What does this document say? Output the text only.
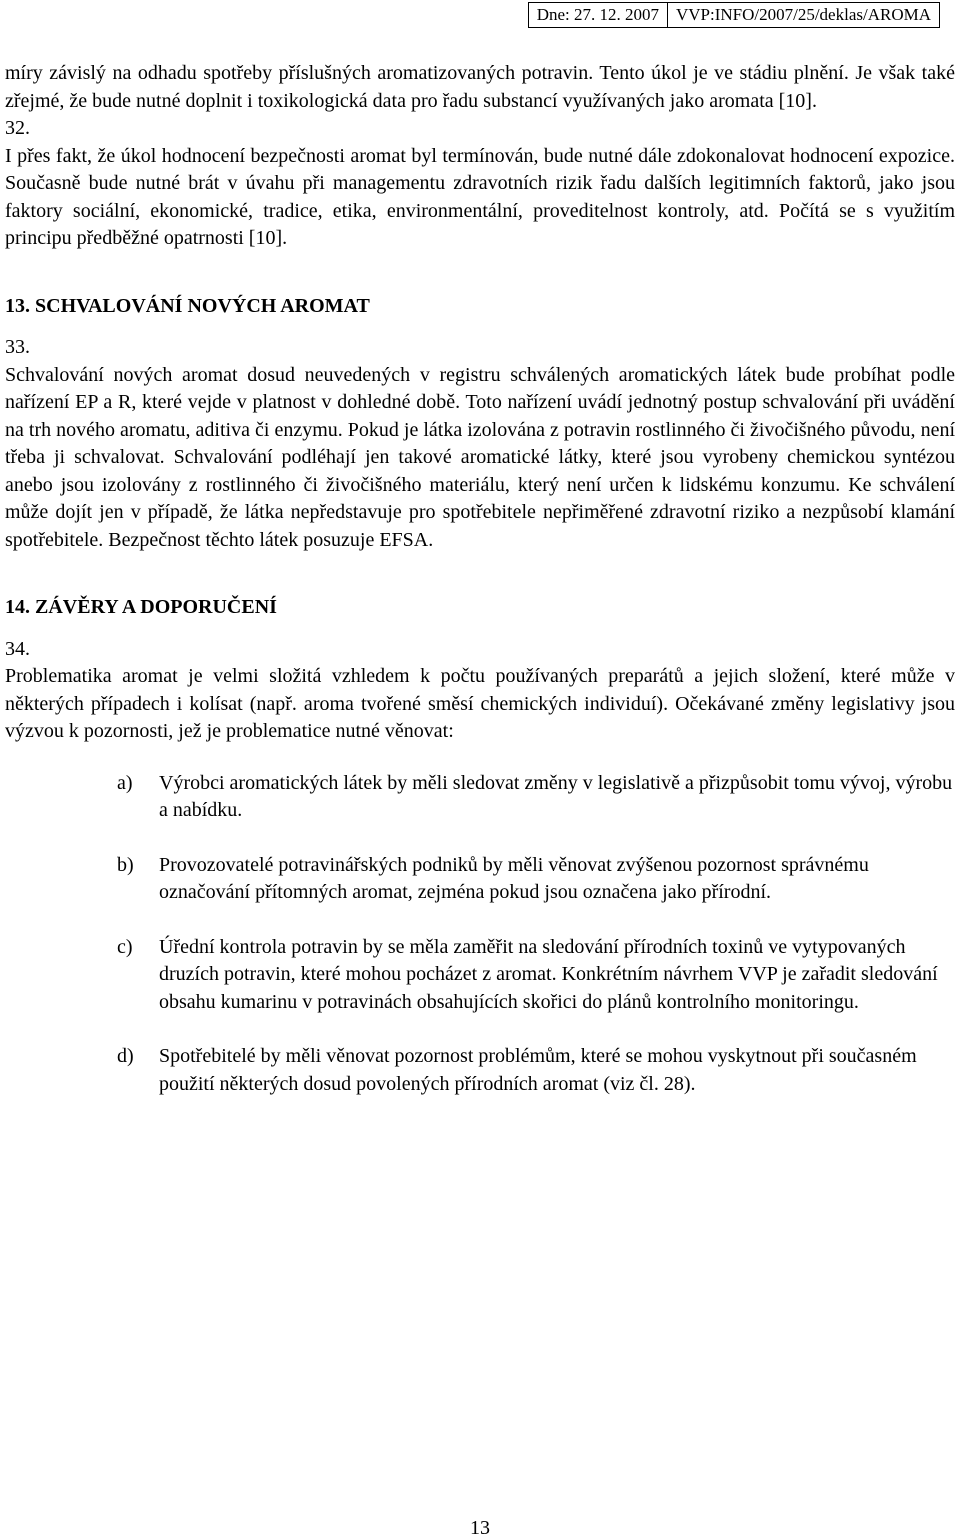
Dne: 27. 12. 2007	VVP:INFO/2007/25/deklas/AROMA

míry závislý na odhadu spotřeby příslušných aromatizovaných potravin. Tento úkol je ve stádiu plnění. Je však také zřejmé, že bude nutné doplnit i toxikologická data pro řadu substancí využívaných jako aromata [10].

32.

I přes fakt, že úkol hodnocení bezpečnosti aromat byl termínován, bude nutné dále zdokonalovat hodnocení expozice. Současně bude nutné brát v úvahu při managementu zdravotních rizik řadu dalších legitimních faktorů, jako jsou faktory sociální, ekonomické, tradice, etika, environmentální, proveditelnost kontroly, atd. Počítá se s využitím principu předběžné opatrnosti [10].

13. SCHVALOVÁNÍ NOVÝCH AROMAT

33.

Schvalování nových aromat dosud neuvedených v registru schválených aromatických látek bude probíhat podle nařízení EP a R, které vejde v platnost v dohledné době. Toto nařízení uvádí jednotný postup schvalování při uvádění na trh nového aromatu, aditiva či enzymu. Pokud je látka izolována z potravin rostlinného či živočišného původu, není třeba ji schvalovat. Schvalování podléhají jen takové aromatické látky, které jsou vyrobeny chemickou syntézou anebo jsou izolovány z rostlinného či živočišného materiálu, který není určen k lidskému konzumu. Ke schválení může dojít jen v případě, že látka nepředstavuje pro spotřebitele nepřiměřené zdravotní riziko a nezpůsobí klamání spotřebitele. Bezpečnost těchto látek posuzuje EFSA.

14. ZÁVĚRY A DOPORUČENÍ

34.

Problematika aromat je velmi složitá vzhledem k počtu používaných preparátů a jejich složení, které může v některých případech i kolísat (např. aroma tvořené směsí chemických individuí). Očekávané změny legislativy jsou výzvou k pozornosti, jež je problematice nutné věnovat:

a)	Výrobci aromatických látek by měli sledovat změny v legislativě a přizpůsobit tomu vývoj, výrobu a nabídku.
b)	Provozovatelé potravinářských podniků by měli věnovat zvýšenou pozornost správnému označování přítomných aromat, zejména pokud jsou označena jako přírodní.
c)	Úřední kontrola potravin by se měla zaměřit na sledování přírodních toxinů ve vytypovaných druzích potravin, které mohou pocházet z aromat. Konkrétním návrhem VVP je zařadit sledování obsahu kumarinu v potravinách obsahujících skořici do plánů kontrolního monitoringu.
d)	Spotřebitelé by měli věnovat pozornost problémům, které se mohou vyskytnout při současném použití některých dosud povolených přírodních aromat (viz čl. 28).
13
